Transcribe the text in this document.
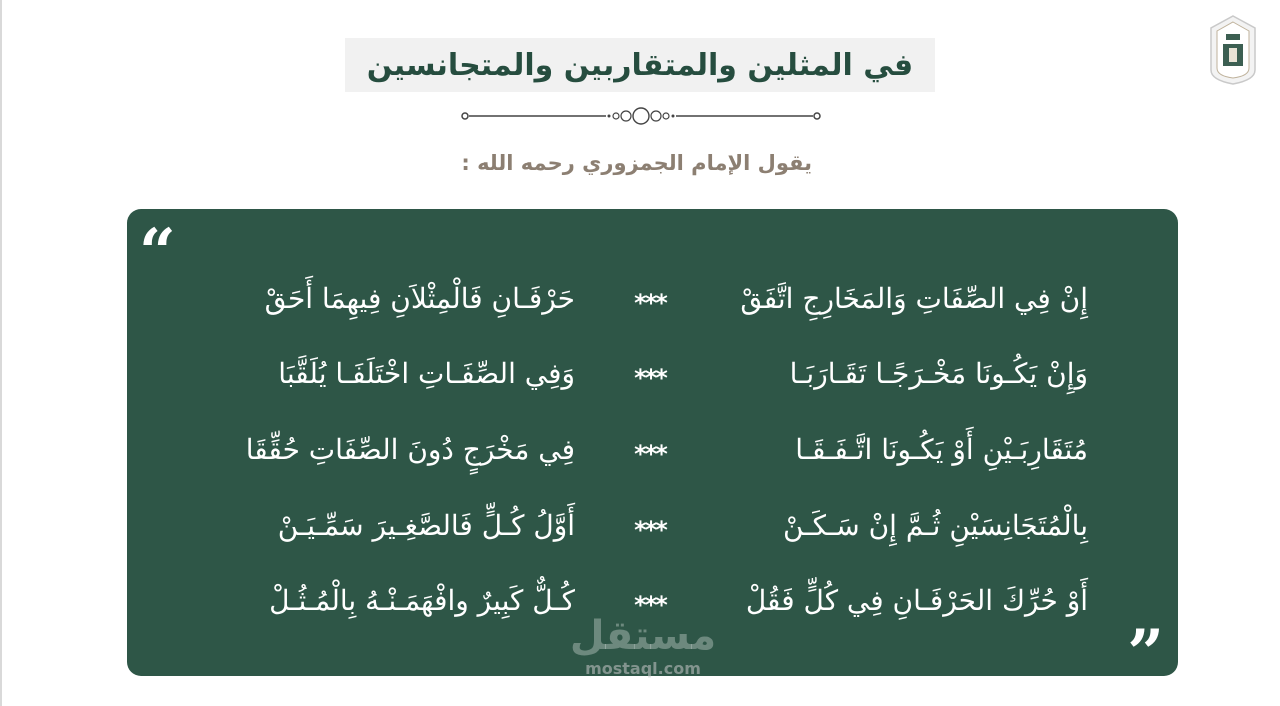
في المثلين والمتقاربين والمتجانسين
يقول الإمام الجمزوري رحمه الله :
“
إِنْ فِي الصِّفَاتِ وَالمَخَارِجِ اتَّفَقْ
***
حَرْفَـانِ فَالْمِثْلاَنِ فِيهِمَا أَحَقْ
وَإِنْ يَكُـونَا مَخْـرَجًـا تَقَـارَبَـا
***
وَفِي الصِّفَـاتِ اخْتَلَفَـا يُلَقَّبَا
مُتَقَارِبَـيْنِ أَوْ يَكُـونَا اتَّـفَـقَـا
***
فِي مَخْرَجٍ دُونَ الصِّفَاتِ حُقِّقَا
بِالْمُتَجَانِسَيْنِ ثُـمَّ إِنْ سَـكَـنْ
***
أَوَّلُ كُـلٍّ فَالصَّغِـيرَ سَمِّـيَـنْ
أَوْ حُرِّكَ الحَرْفَـانِ فِي كُلٍّ فَقُلْ
***
كُـلٌّ كَبِيرٌ وافْهَمَـنْـهُ بِالْمُـثُـلْ
”
مستقل
mostaql.com
